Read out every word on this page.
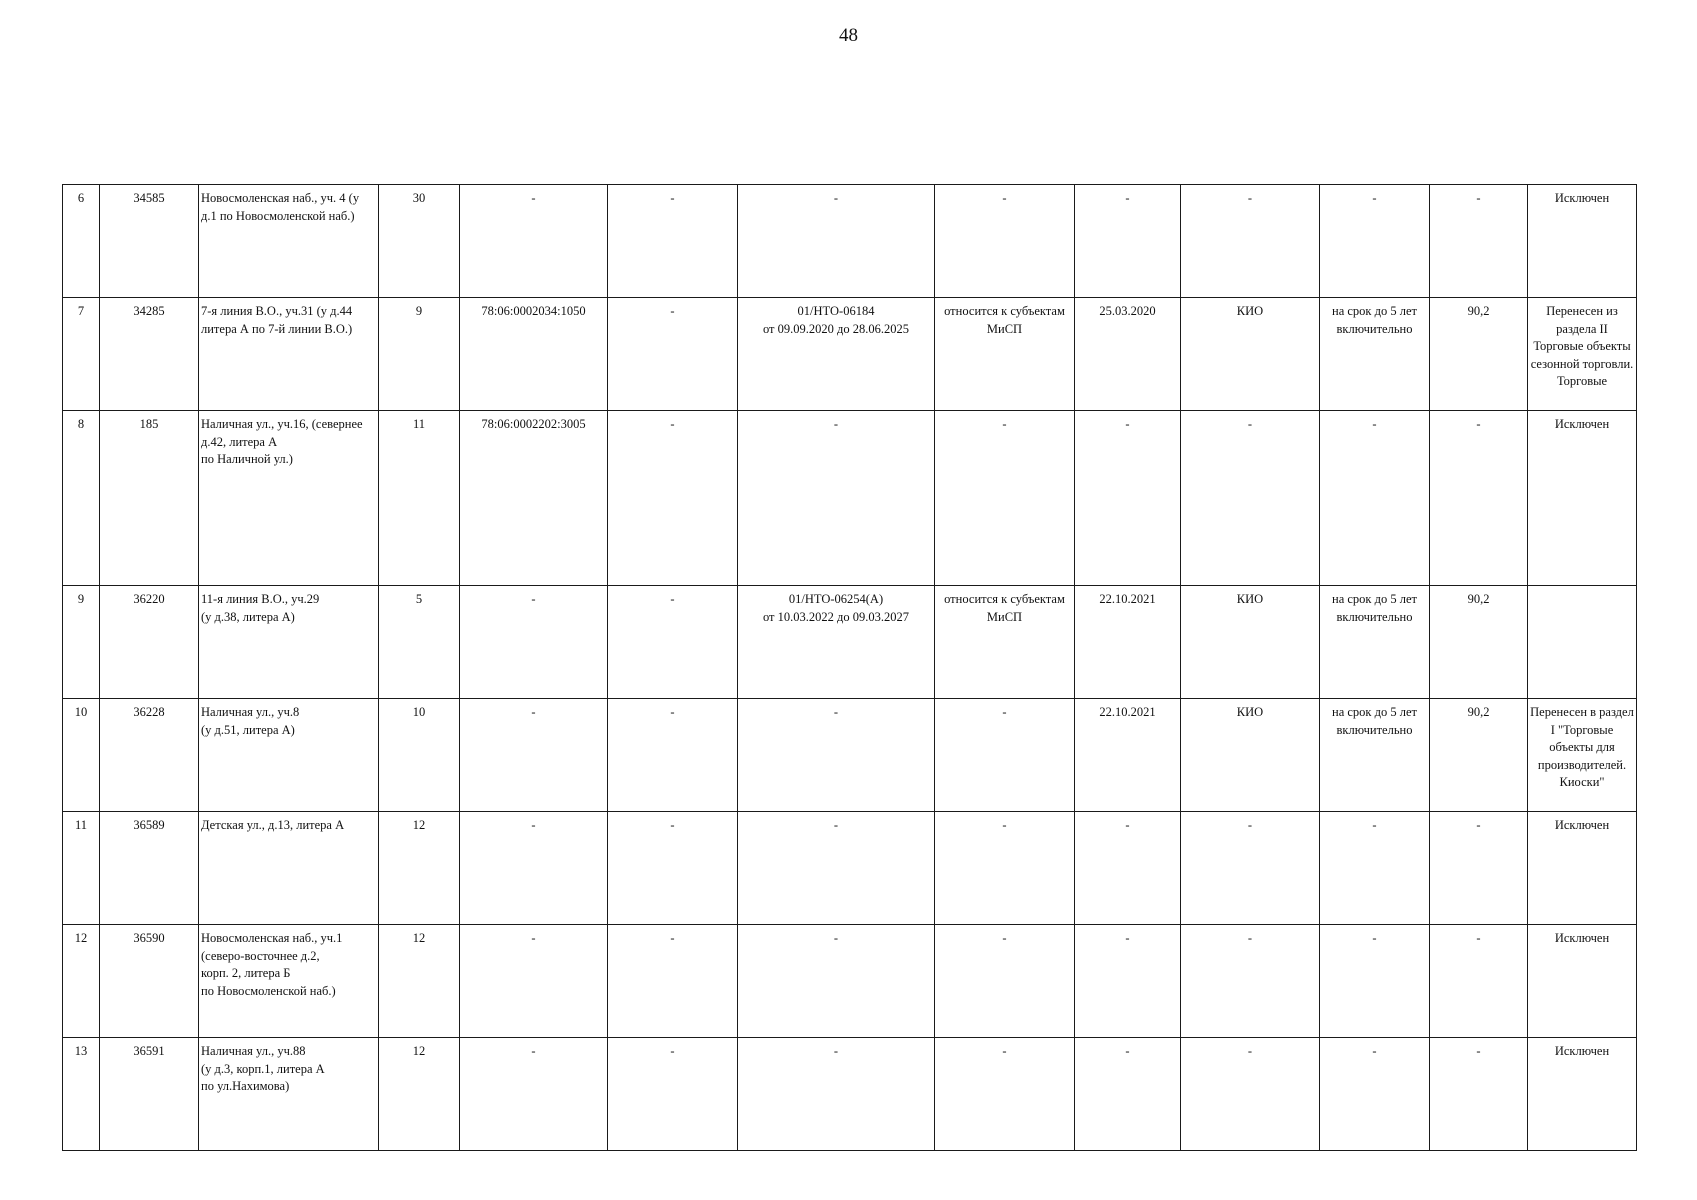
48
6	34585	Новосмоленская наб., уч. 4 (у д.1 по Новосмоленской наб.)	30	-	-	-	-	-	-	-	-	Исключен

7	34285	7-я линия В.О., уч.31 (у д.44 литера А по 7-й линии В.О.)	9	78:06:0002034:1050	-	01/НТО-06184
от 09.09.2020 до 28.06.2025	относится к субъектам МиСП	25.03.2020	КИО	на срок до 5 лет включительно	90,2	Перенесен из раздела II Торговые объекты сезонной торговли. Торговые

8	185	Наличная ул., уч.16, (севернее д.42, литера А
по Наличной ул.)	11	78:06:0002202:3005	-	-	-	-	-	-	-	Исключен

9	36220	11-я линия В.О., уч.29
(у д.38, литера А)	5	-	-	01/НТО-06254(А)
от 10.03.2022 до 09.03.2027	относится к субъектам МиСП	22.10.2021	КИО	на срок до 5 лет включительно	90,2	

10	36228	Наличная ул., уч.8
(у д.51, литера А)	10	-	-	-	-	22.10.2021	КИО	на срок до 5 лет включительно	90,2	Перенесен в раздел I "Торговые объекты для производителей. Киоски"

11	36589	Детская ул., д.13, литера А	12	-	-	-	-	-	-	-	-	Исключен

12	36590	Новосмоленская наб., уч.1
(северо-восточнее д.2,
корп. 2, литера Б
по Новосмоленской наб.)	12	-	-	-	-	-	-	-	-	Исключен

13	36591	Наличная ул., уч.88
(у д.3, корп.1, литера А
по ул.Нахимова)	12	-	-	-	-	-	-	-	-	Исключен
